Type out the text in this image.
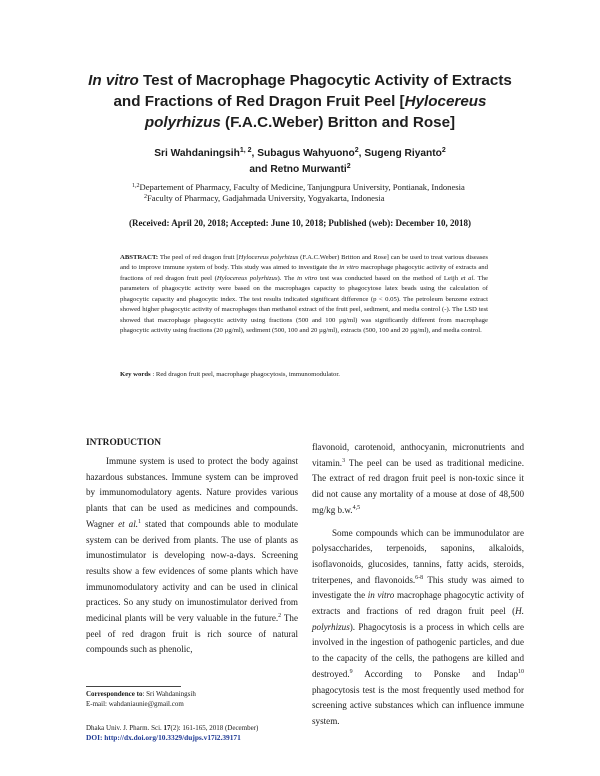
In vitro Test of Macrophage Phagocytic Activity of Extracts
and Fractions of Red Dragon Fruit Peel [Hylocereus
polyrhizus (F.A.C.Weber) Britton and Rose]
Sri Wahdaningsih$^{1, 2}$, Subagus Wahyuono$^2$, Sugeng Riyanto$^2$
and Retno Murwanti$^2$
$^{1,2}$Departement of Pharmacy, Faculty of Medicine, Tanjungpura University, Pontianak, Indonesia
$^2$Faculty of Pharmacy, Gadjahmada University, Yogyakarta, Indonesia
(Received: April 20, 2018; Accepted: June 10, 2018; Published (web): December 10, 2018)
ABSTRACT: The peel of red dragon fruit [Hylocereus polyrhizus (F.A.C.Weber) Britton and Rose] can be used to treat various diseases and to improve immune system of body. This study was aimed to investigate the in vitro macrophage phagocytic activity of extracts and fractions of red dragon fruit peel (Hylocereus polyrhizus). The in vitro test was conducted based on the method of Leijh et al. The parameters of phagocytic activity were based on the macrophages capacity to phagocytose latex beads using the calculation of phagocytic capacity and phagocytic index. The test results indicated significant difference (p < 0.05). The petroleum benzene extract showed higher phagocytic activity of macrophages than methanol extract of the fruit peel, sediment, and media control (-). The LSD test showed that macrophage phagocytic activity using fractions (500 and 100 µg/ml) was significantly different from macrophage phagocytic activity using fractions (20 µg/ml), sediment (500, 100 and 20 µg/ml), extracts (500, 100 and 20 µg/ml), and media control.
Key words : Red dragon fruit peel, macrophage phagocytosis, immunomodulator.
INTRODUCTION

Immune system is used to protect the body against hazardous substances. Immune system can be improved by immunomodulatory agents. Nature provides various plants that can be used as medicines and compounds. Wagner et al.$^1$ stated that compounds able to modulate system can be derived from plants. The use of plants as imunostimulator is developing now-a-days. Screening results show a few evidences of some plants which have immunomodulatory activity and can be used in clinical practices. So any study on imunostimulator derived from medicinal plants will be very valuable in the future.$^2$ The peel of red dragon fruit is rich source of natural compounds such as phenolic,

flavonoid, carotenoid, anthocyanin, micronutrients and vitamin.$^3$ The peel can be used as traditional medicine. The extract of red dragon fruit peel is non-toxic since it did not cause any mortality of a mouse at dose of 48,500 mg/kg b.w.$^{4,5}$

Some compounds which can be immunodulator are polysaccharides, terpenoids, saponins, alkaloids, isoflavonoids, glucosides, tannins, fatty acids, steroids, triterpenes, and flavonoids.$^{6-8}$ This study was aimed to investigate the in vitro macrophage phagocytic activity of extracts and fractions of red dragon fruit peel (H. polyrhizus). Phagocytosis is a process in which cells are involved in the ingestion of pathogenic particles, and due to the capacity of the cells, the pathogens are killed and destroyed.$^9$ According to Ponske and Indap$^{10}$ phagocytosis test is the most frequently used method for screening active substances which can influence immune system.

Correspondence to: Sri Wahdaningsih
E-mail: wahdaniaunie@gmail.com
Dhaka Univ. J. Pharm. Sci. 17(2): 161-165, 2018 (December)
DOI: http://dx.doi.org/10.3329/dujps.v17i2.39171
